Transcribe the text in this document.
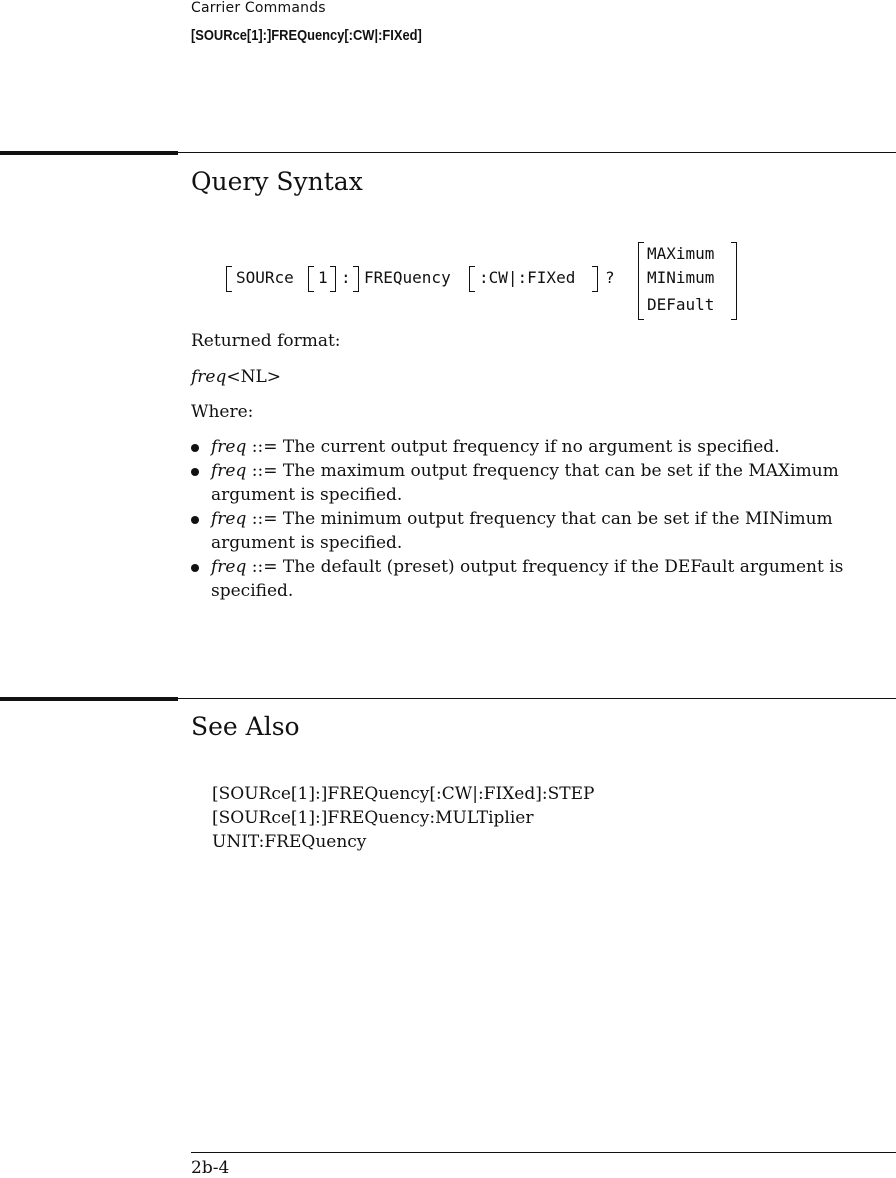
Carrier Commands
[SOURce[1]:]FREQuency[:CW|:FIXed]
Query Syntax
SOURce 1 : FREQuency :CW|:FIXed ?
MAXimum
MINimum
DEFault
Returned format:
freq<NL>
Where:
freq ::= The current output frequency if no argument is specified.
freq ::= The maximum output frequency that can be set if the MAXimum argument is specified.
freq ::= The minimum output frequency that can be set if the MINimum argument is specified.
freq ::= The default (preset) output frequency if the DEFault argument is specified.
See Also
[SOURce[1]:]FREQuency[:CW|:FIXed]:STEP
[SOURce[1]:]FREQuency:MULTiplier
UNIT:FREQuency
2b-4
